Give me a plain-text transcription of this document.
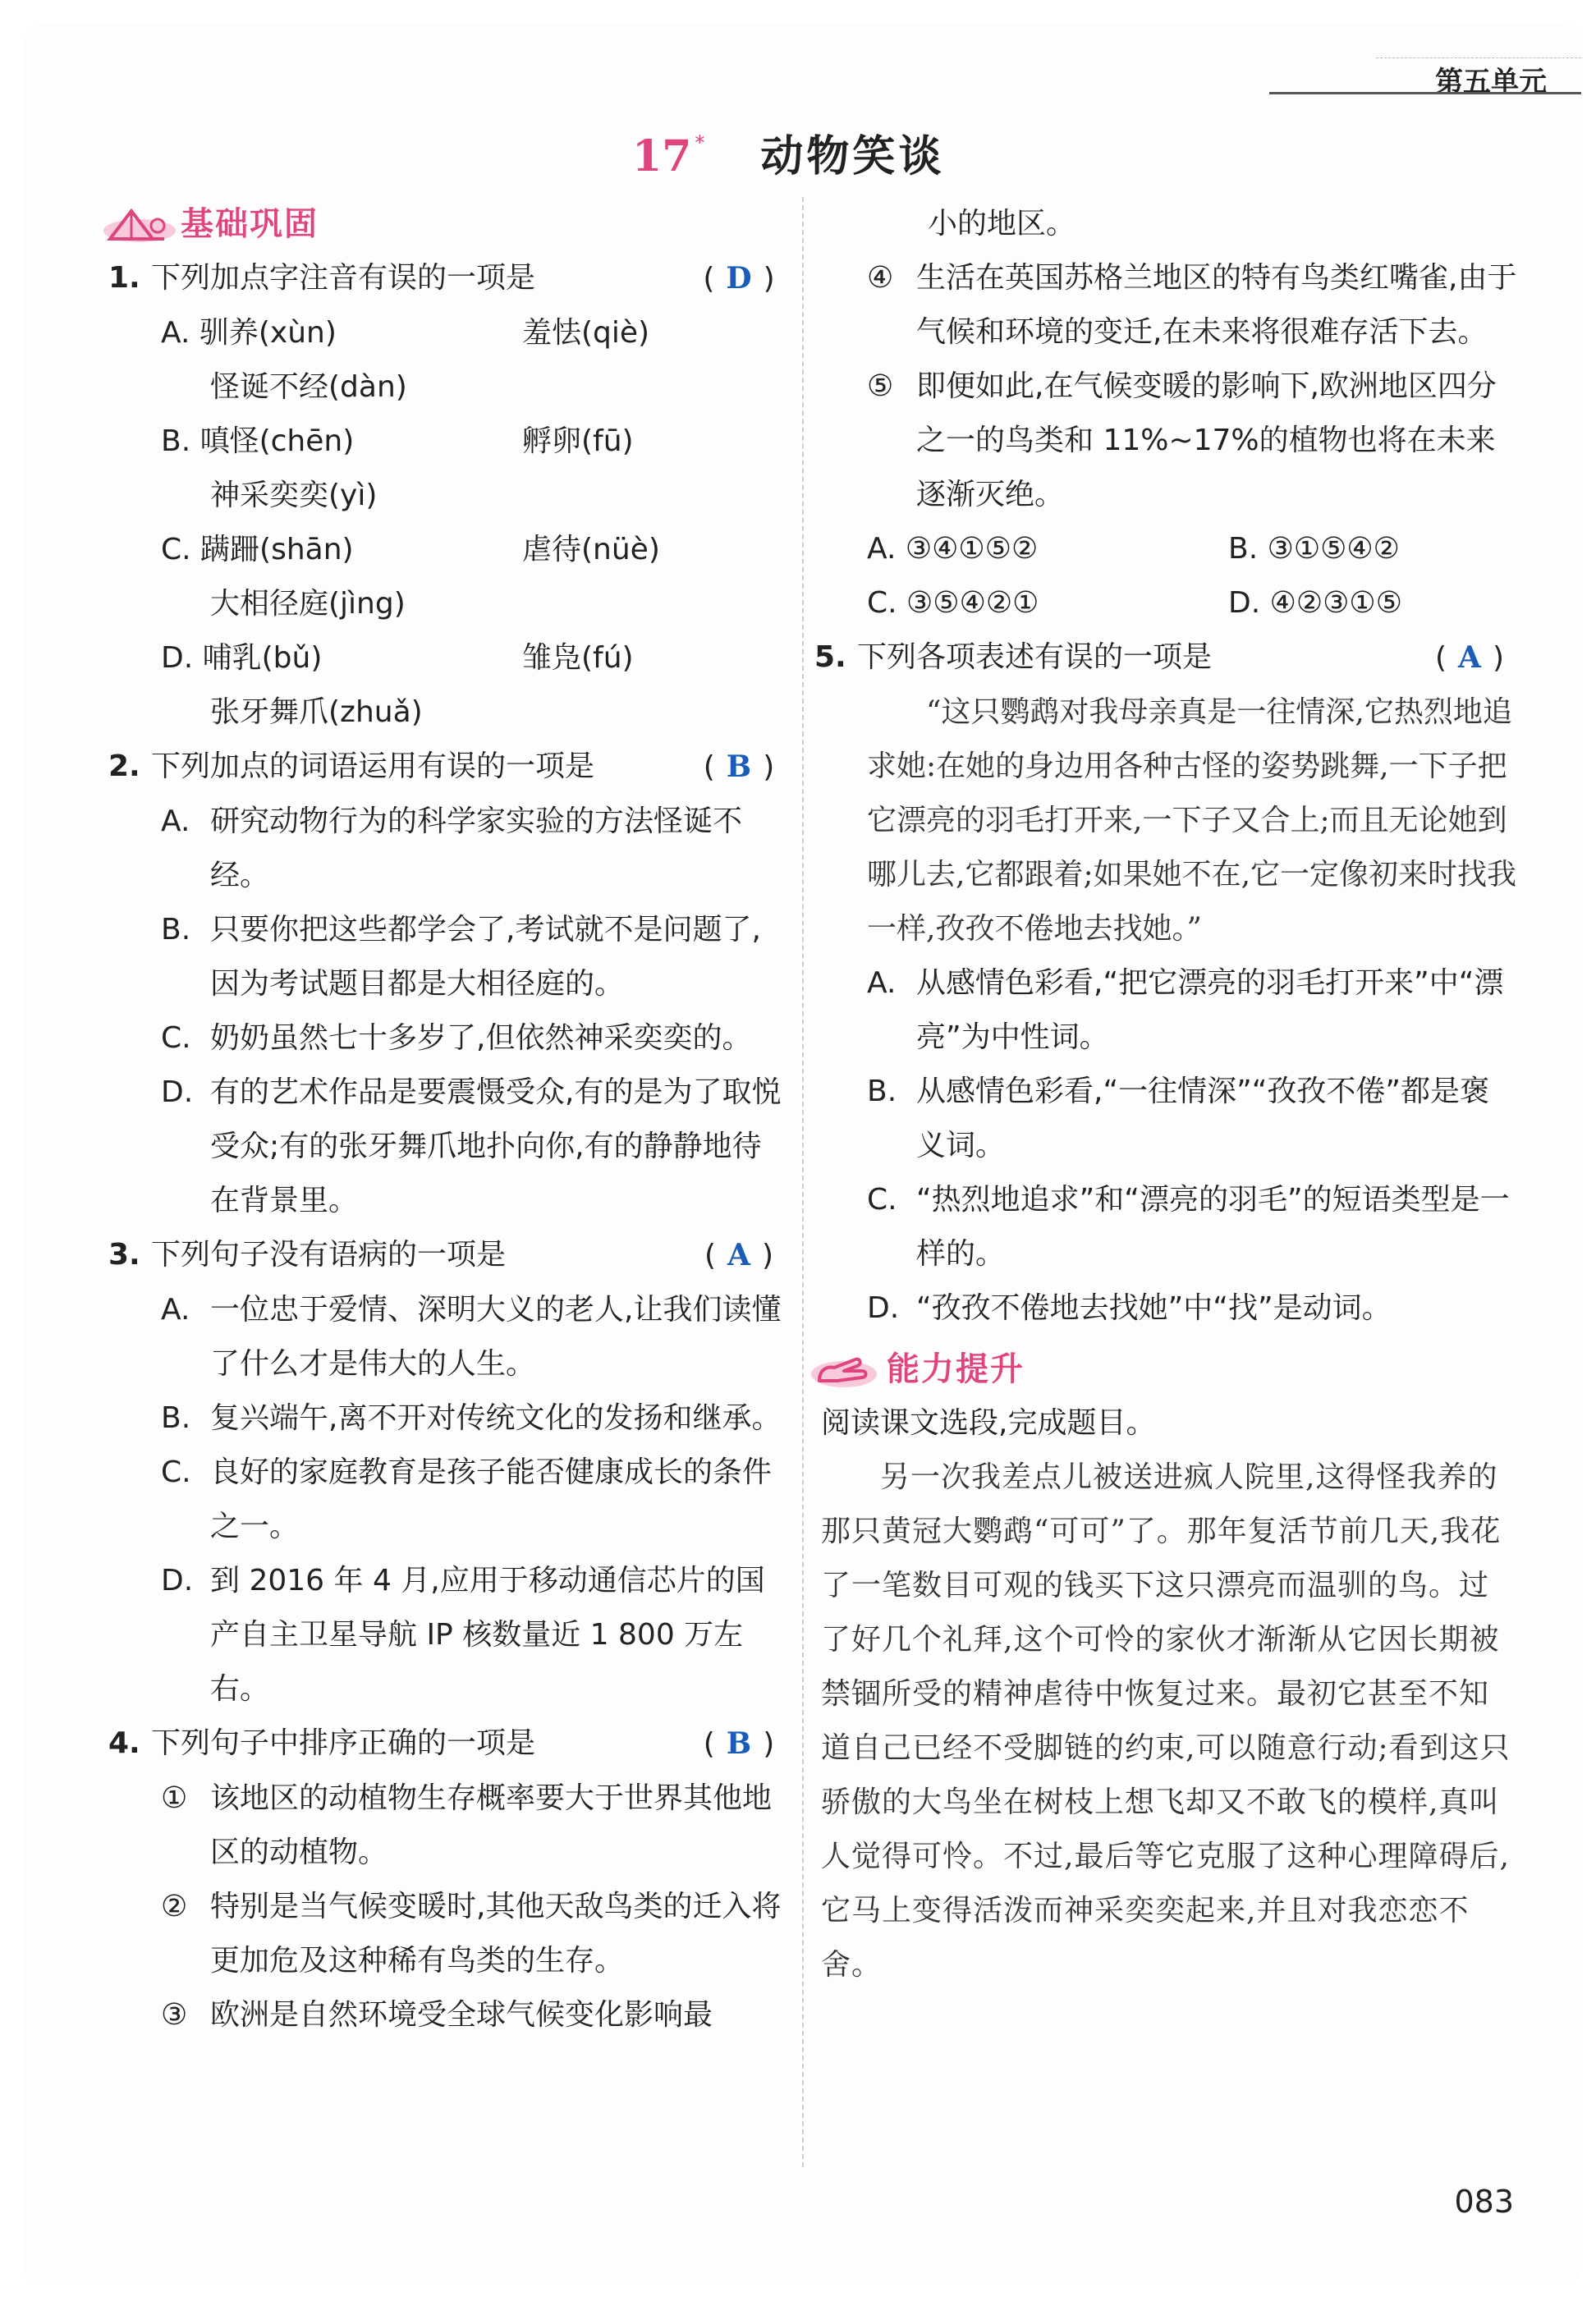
第五单元
17 * 动物笑谈
基础巩固
1. 下列加点字注音有误的一项是	( D )
A. 驯养(xùn)	羞怯(qiè)
怪诞不经(dàn)
B. 嗔怪(chēn)	孵卵(fū)
神采奕奕(yì)
C. 蹒跚(shān)	虐待(nüè)
大相径庭(jìng)
D. 哺乳(bǔ)	雏凫(fú)
张牙舞爪(zhuǎ)
2. 下列加点的词语运用有误的一项是	( B )
A. 研究动物行为的科学家实验的方法怪诞不经。
B. 只要你把这些都学会了,考试就不是问题了,因为考试题目都是大相径庭的。
C. 奶奶虽然七十多岁了,但依然神采奕奕的。
D. 有的艺术作品是要震慑受众,有的是为了取悦受众;有的张牙舞爪地扑向你,有的静静地待在背景里。
3. 下列句子没有语病的一项是	( A )
A. 一位忠于爱情、深明大义的老人,让我们读懂了什么才是伟大的人生。
B. 复兴端午,离不开对传统文化的发扬和继承。
C. 良好的家庭教育是孩子能否健康成长的条件之一。
D. 到 2016 年 4 月,应用于移动通信芯片的国产自主卫星导航 IP 核数量近 1 800 万左右。
4. 下列句子中排序正确的一项是	( B )
① 该地区的动植物生存概率要大于世界其他地区的动植物。
② 特别是当气候变暖时,其他天敌鸟类的迁入将更加危及这种稀有鸟类的生存。
③ 欧洲是自然环境受全球气候变化影响最
小的地区。
④ 生活在英国苏格兰地区的特有鸟类红嘴雀,由于气候和环境的变迁,在未来将很难存活下去。
⑤ 即便如此,在气候变暖的影响下,欧洲地区四分之一的鸟类和 11%~17%的植物也将在未来逐渐灭绝。
A. ③④①⑤②	B. ③①⑤④②
C. ③⑤④②①	D. ④②③①⑤
5. 下列各项表述有误的一项是	( A )
“这只鹦鹉对我母亲真是一往情深,它热烈地追求她:在她的身边用各种古怪的姿势跳舞,一下子把它漂亮的羽毛打开来,一下子又合上;而且无论她到哪儿去,它都跟着;如果她不在,它一定像初来时找我一样,孜孜不倦地去找她。”
A. 从感情色彩看,“把它漂亮的羽毛打开来”中“漂亮”为中性词。
B. 从感情色彩看,“一往情深”“孜孜不倦”都是褒义词。
C. “热烈地追求”和“漂亮的羽毛”的短语类型是一样的。
D. “孜孜不倦地去找她”中“找”是动词。
能力提升
阅读课文选段,完成题目。
另一次我差点儿被送进疯人院里,这得怪我养的那只黄冠大鹦鹉“可可”了。那年复活节前几天,我花了一笔数目可观的钱买下这只漂亮而温驯的鸟。过了好几个礼拜,这个可怜的家伙才渐渐从它因长期被禁锢所受的精神虐待中恢复过来。最初它甚至不知道自己已经不受脚链的约束,可以随意行动;看到这只骄傲的大鸟坐在树枝上想飞却又不敢飞的模样,真叫人觉得可怜。不过,最后等它克服了这种心理障碍后,它马上变得活泼而神采奕奕起来,并且对我恋恋不舍。
083
